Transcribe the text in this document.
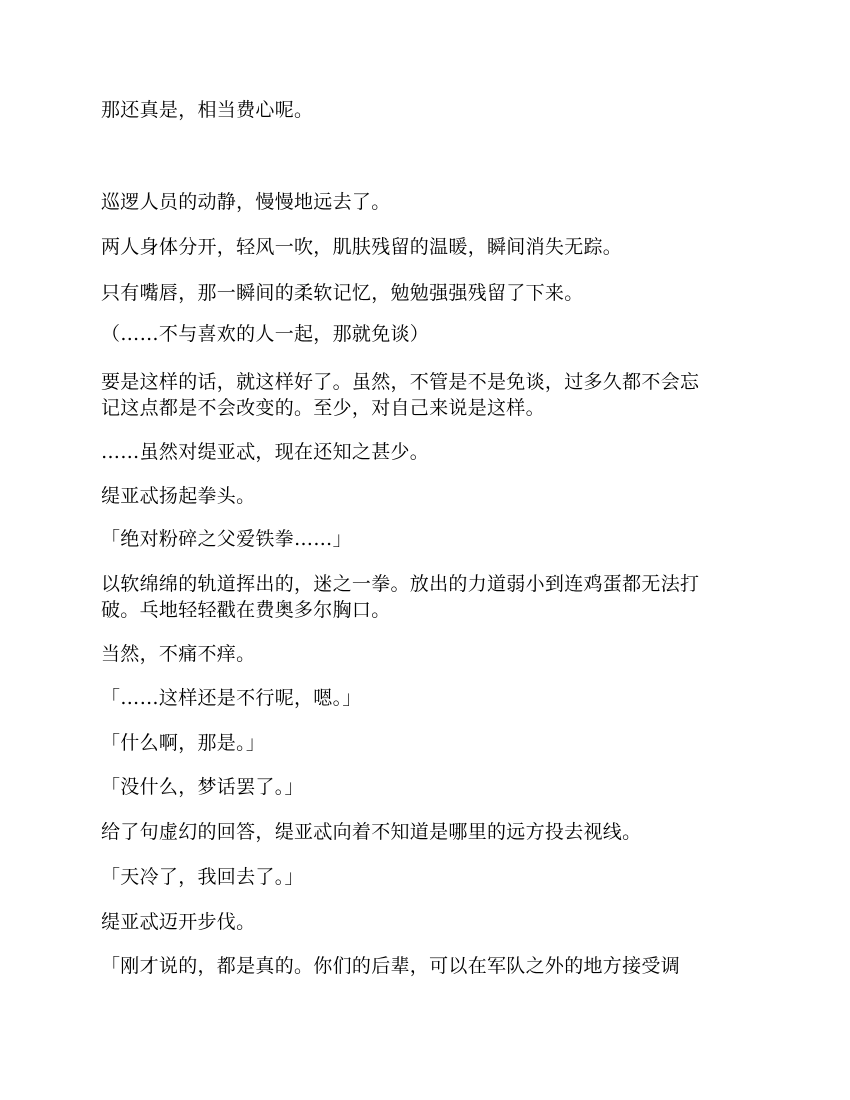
那还真是，相当费心呢。

巡逻人员的动静，慢慢地远去了。

两人身体分开，轻风一吹，肌肤残留的温暖，瞬间消失无踪。

只有嘴唇，那一瞬间的柔软记忆，勉勉强强残留了下来。

（……不与喜欢的人一起，那就免谈）

要是这样的话，就这样好了。虽然，不管是不是免谈，过多久都不会忘

记这点都是不会改变的。至少，对自己来说是这样。

……虽然对缇亚忒，现在还知之甚少。

缇亚忒扬起拳头。

「绝对粉碎之父爱铁拳……」

以软绵绵的轨道挥出的，迷之一拳。放出的力道弱小到连鸡蛋都无法打

破。乓地轻轻戳在费奥多尔胸口。

当然，不痛不痒。

「……这样还是不行呢，嗯。」

「什么啊，那是。」

「没什么，梦话罢了。」

给了句虚幻的回答，缇亚忒向着不知道是哪里的远方投去视线。

「天冷了，我回去了。」

缇亚忒迈开步伐。

「刚才说的，都是真的。你们的后辈，可以在军队之外的地方接受调
